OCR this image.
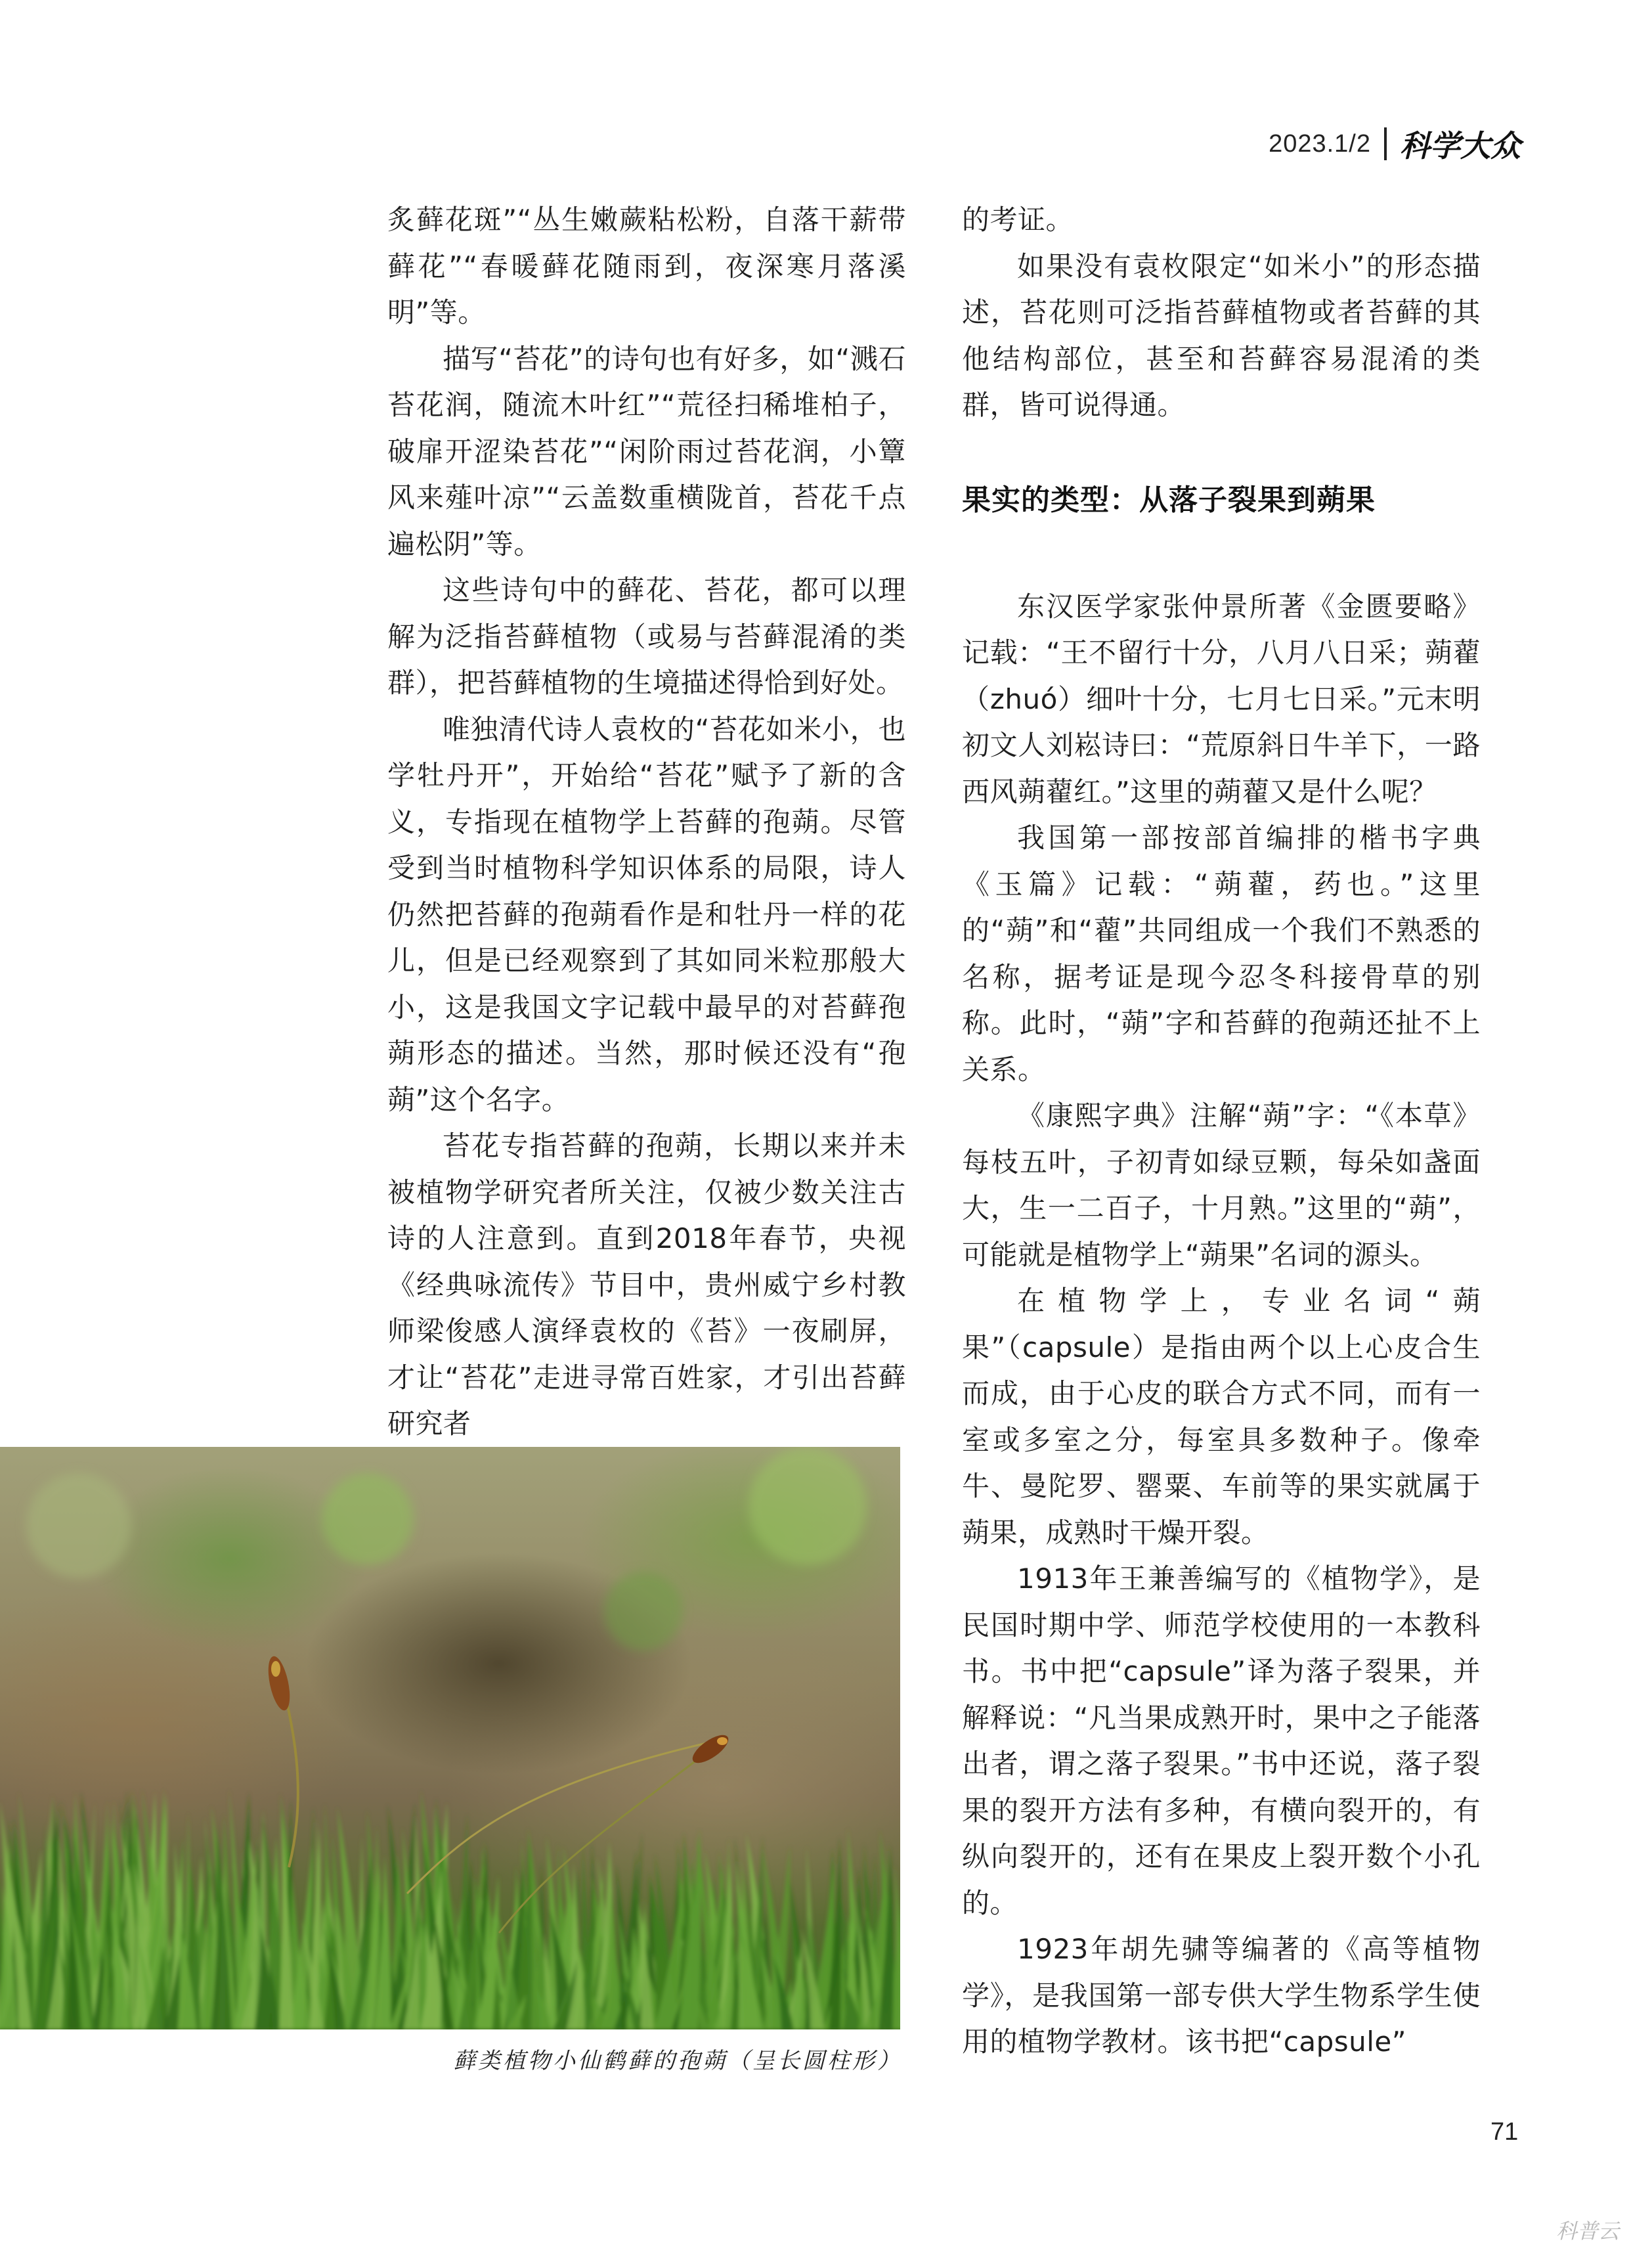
2023.1/2 科学大众

炙藓花斑”“丛生嫩蕨粘松粉，自落干薪带藓花”“春暖藓花随雨到，夜深寒月落溪明”等。

描写“苔花”的诗句也有好多，如“溅石苔花润，随流木叶红”“荒径扫稀堆柏子，破扉开涩染苔花”“闲阶雨过苔花润，小簟风来薤叶凉”“云盖数重横陇首，苔花千点遍松阴”等。

这些诗句中的藓花、苔花，都可以理解为泛指苔藓植物（或易与苔藓混淆的类群），把苔藓植物的生境描述得恰到好处。

唯独清代诗人袁枚的“苔花如米小，也学牡丹开”，开始给“苔花”赋予了新的含义，专指现在植物学上苔藓的孢蒴。尽管受到当时植物科学知识体系的局限，诗人仍然把苔藓的孢蒴看作是和牡丹一样的花儿，但是已经观察到了其如同米粒那般大小，这是我国文字记载中最早的对苔藓孢蒴形态的描述。当然，那时候还没有“孢蒴”这个名字。

苔花专指苔藓的孢蒴，长期以来并未被植物学研究者所关注，仅被少数关注古诗的人注意到。直到2018年春节，央视《经典咏流传》节目中，贵州威宁乡村教师梁俊感人演绎袁枚的《苔》一夜刷屏，才让“苔花”走进寻常百姓家，才引出苔藓研究者

的考证。

如果没有袁枚限定“如米小”的形态描述，苔花则可泛指苔藓植物或者苔藓的其他结构部位，甚至和苔藓容易混淆的类群，皆可说得通。

果实的类型：从落子裂果到蒴果

东汉医学家张仲景所著《金匮要略》记载：“王不留行十分，八月八日采；蒴藋（zhuó）细叶十分，七月七日采。”元末明初文人刘崧诗曰：“荒原斜日牛羊下，一路西风蒴藋红。”这里的蒴藋又是什么呢？

我国第一部按部首编排的楷书字典《玉篇》记载：“蒴藋，药也。”这里的“蒴”和“藋”共同组成一个我们不熟悉的名称，据考证是现今忍冬科接骨草的别称。此时，“蒴”字和苔藓的孢蒴还扯不上关系。

《康熙字典》注解“蒴”字：“《本草》每枝五叶，子初青如绿豆颗，每朵如盏面大，生一二百子，十月熟。”这里的“蒴”，可能就是植物学上“蒴果”名词的源头。

在植物学上，专业名词“蒴果”（capsule）是指由两个以上心皮合生而成，由于心皮的联合方式不同，而有一室或多室之分，每室具多数种子。像牵牛、曼陀罗、罂粟、车前等的果实就属于蒴果，成熟时干燥开裂。

1913年王兼善编写的《植物学》，是民国时期中学、师范学校使用的一本教科书。书中把“capsule”译为落子裂果，并解释说：“凡当果成熟开时，果中之子能落出者，谓之落子裂果。”书中还说，落子裂果的裂开方法有多种，有横向裂开的，有纵向裂开的，还有在果皮上裂开数个小孔的。

1923年胡先骕等编著的《高等植物学》，是我国第一部专供大学生物系学生使用的植物学教材。该书把“capsule”

藓类植物小仙鹤藓的孢蒴（呈长圆柱形）
71
科普云
